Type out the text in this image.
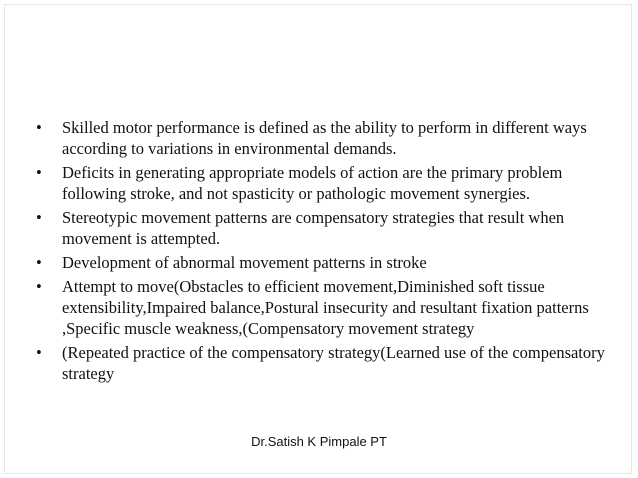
•	Skilled motor performance is defined as the ability to perform in different ways according to variations in environmental demands.
•	Deficits in generating appropriate models of action are the primary problem following stroke, and not spasticity or pathologic movement synergies.
•	Stereotypic movement patterns are compensatory strategies that result when movement is attempted.
•	Development of abnormal movement patterns in stroke
•	Attempt to move(Obstacles to efficient movement,Diminished soft tissue extensibility,Impaired balance,Postural insecurity and resultant fixation patterns ,Specific muscle weakness,(Compensatory movement strategy
•	(Repeated practice of the compensatory strategy(Learned use of the compensatory strategy
Dr.Satish K Pimpale PT
